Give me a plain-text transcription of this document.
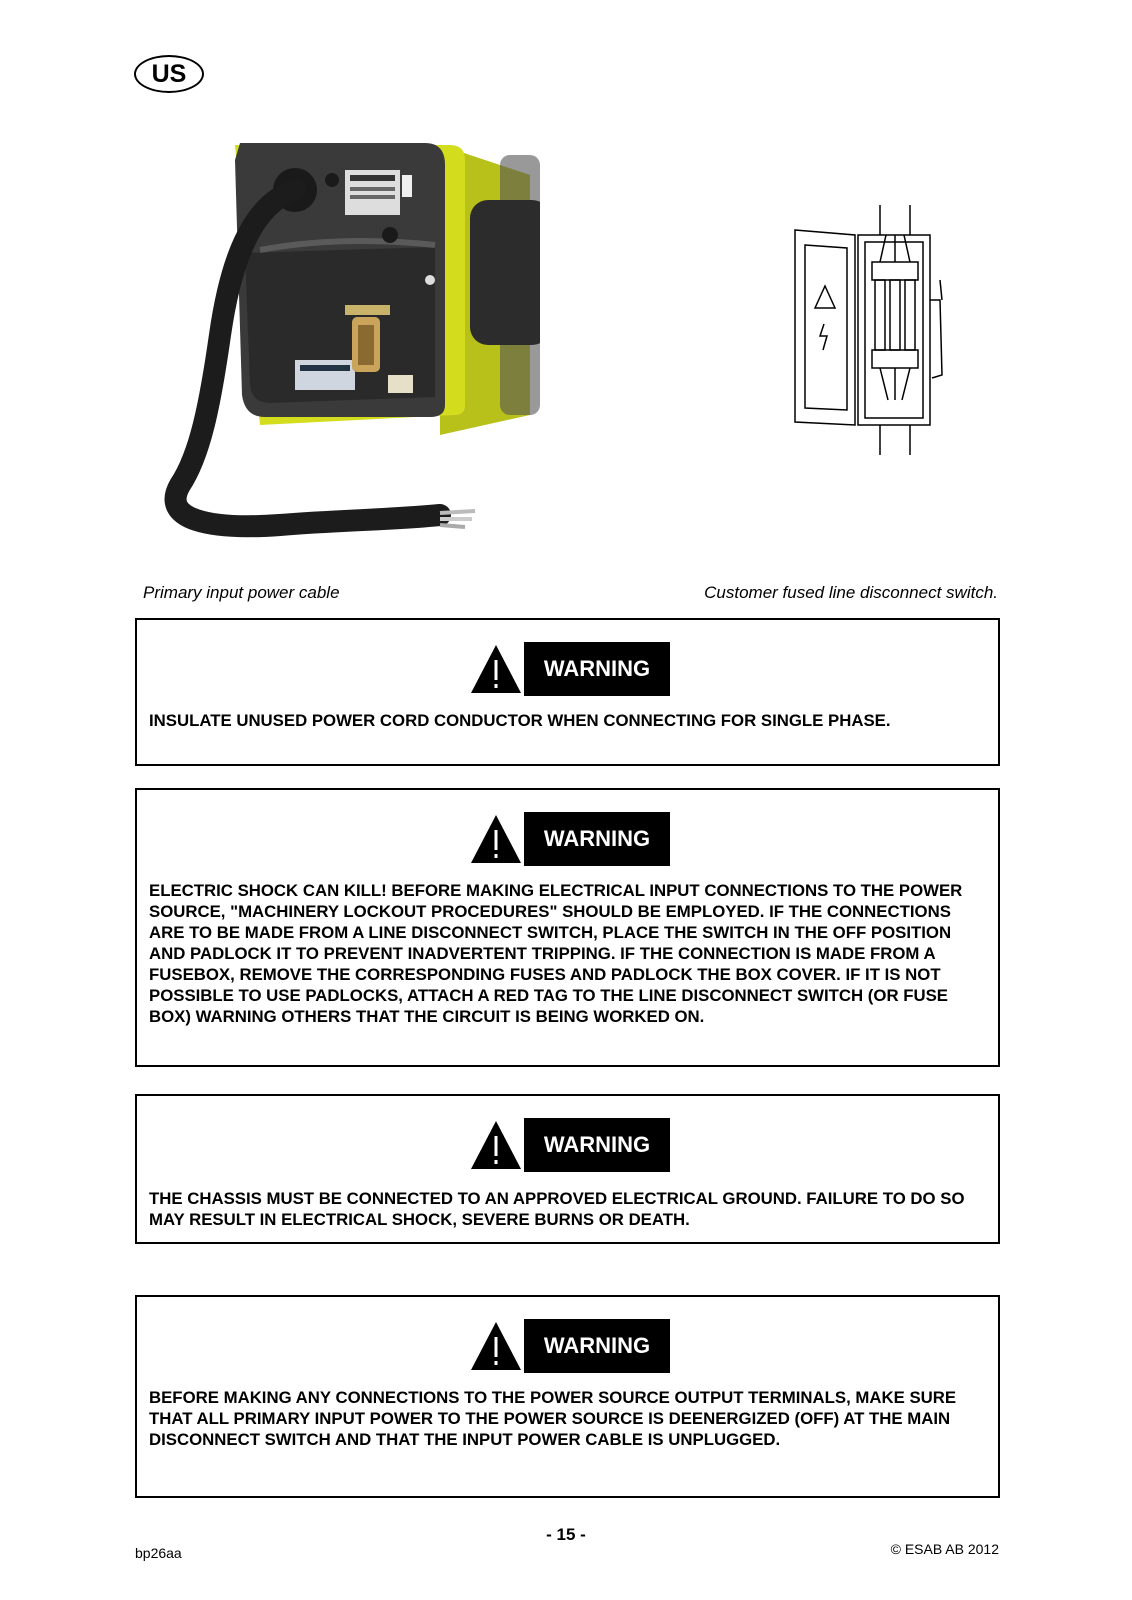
US
Primary input power cable	Customer fused line disconnect switch.
WARNING
INSULATE UNUSED POWER CORD CONDUCTOR WHEN CONNECTING FOR SINGLE PHASE.
WARNING
ELECTRIC SHOCK CAN KILL! BEFORE MAKING ELECTRICAL INPUT CONNECTIONS TO THE POWER SOURCE, "MACHINERY LOCKOUT PROCEDURES" SHOULD BE EMPLOYED. IF THE CONNECTIONS ARE TO BE MADE FROM A LINE DISCONNECT SWITCH, PLACE THE SWITCH IN THE OFF POSITION AND PADLOCK IT TO PREVENT INADVERTENT TRIPPING. IF THE CONNECTION IS MADE FROM A FUSEBOX, REMOVE THE CORRESPONDING FUSES AND PADLOCK THE BOX COVER. IF IT IS NOT POSSIBLE TO USE PADLOCKS, ATTACH A RED TAG TO THE LINE DISCONNECT SWITCH (OR FUSE BOX) WARNING OTHERS THAT THE CIRCUIT IS BEING WORKED ON.
WARNING
THE CHASSIS MUST BE CONNECTED TO AN APPROVED ELECTRICAL GROUND. FAILURE TO DO SO MAY RESULT IN ELECTRICAL SHOCK, SEVERE BURNS OR DEATH.
WARNING
BEFORE MAKING ANY CONNECTIONS TO THE POWER SOURCE OUTPUT TERMINALS, MAKE SURE THAT ALL PRIMARY INPUT POWER TO THE POWER SOURCE IS DEENERGIZED (OFF) AT THE MAIN DISCONNECT SWITCH AND THAT THE INPUT POWER CABLE IS UNPLUGGED.
- 15 -
bp26aa	© ESAB AB 2012
